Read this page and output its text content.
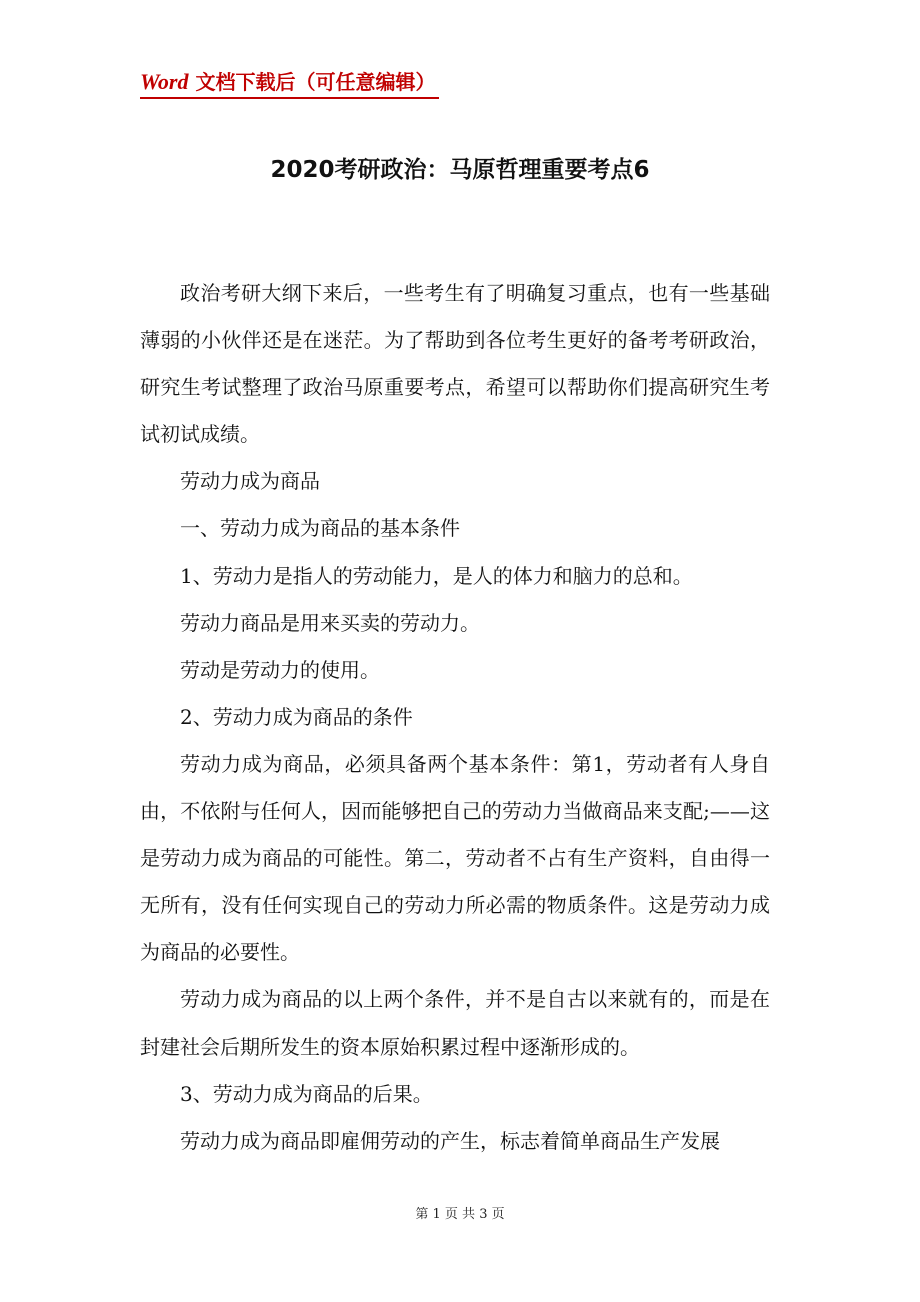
Word 文档下载后（可任意编辑）
2020考研政治：马原哲理重要考点6

政治考研大纲下来后，一些考生有了明确复习重点，也有一些基础薄弱的小伙伴还是在迷茫。为了帮助到各位考生更好的备考考研政治，研究生考试整理了政治马原重要考点，希望可以帮助你们提高研究生考试初试成绩。

劳动力成为商品

一、劳动力成为商品的基本条件

1、劳动力是指人的劳动能力，是人的体力和脑力的总和。

劳动力商品是用来买卖的劳动力。

劳动是劳动力的使用。

2、劳动力成为商品的条件

劳动力成为商品，必须具备两个基本条件：第1，劳动者有人身自由，不依附与任何人，因而能够把自己的劳动力当做商品来支配;——这是劳动力成为商品的可能性。第二，劳动者不占有生产资料，自由得一无所有，没有任何实现自己的劳动力所必需的物质条件。这是劳动力成为商品的必要性。

劳动力成为商品的以上两个条件，并不是自古以来就有的，而是在封建社会后期所发生的资本原始积累过程中逐渐形成的。

3、劳动力成为商品的后果。

劳动力成为商品即雇佣劳动的产生，标志着简单商品生产发展

第 1 页 共 3 页
